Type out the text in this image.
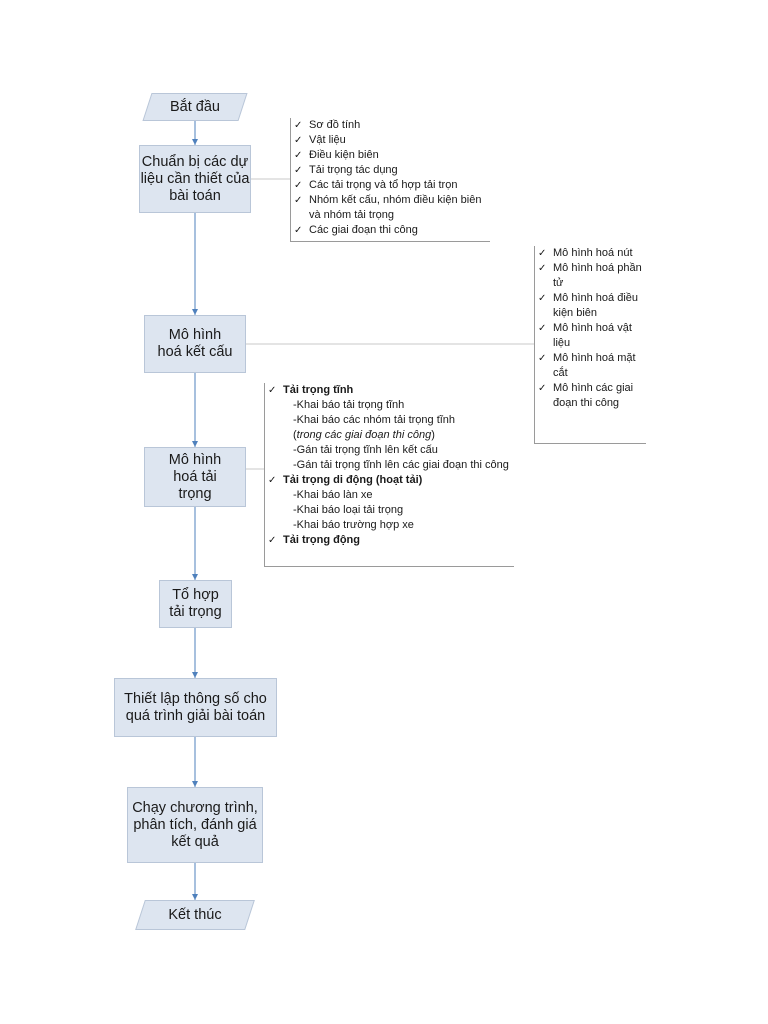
Bắt đầu
Chuẩn bị các dự liệu cần thiết của bài toán
Mô hình hoá kết cấu
Mô hình hoá tải trọng
Tổ hợp tải trọng
Thiết lập thông số cho quá trình giải bài toán
Chạy chương trình, phân tích, đánh giá kết quả
Kết thúc
✓ Sơ đồ tính
✓ Vật liệu
✓ Điều kiện biên
✓ Tải trọng tác dụng
✓ Các tải trọng và tổ hợp tải trọn
✓ Nhóm kết cấu, nhóm điều kiện biên và nhóm tải trọng
✓ Các giai đoạn thi công
✓ Mô hình hoá nút
✓ Mô hình hoá phần tử
✓ Mô hình hoá điều kiện biên
✓ Mô hình hoá vật liệu
✓ Mô hình hoá mặt cắt
✓ Mô hình các giai đoạn thi công
✓ Tải trọng tĩnh
-Khai báo tải trọng tĩnh
-Khai báo các nhóm tải trọng tĩnh
(trong các giai đoạn thi công)
-Gán tải trọng tĩnh lên kết cấu
-Gán tải trọng tĩnh lên các giai đoạn thi công
✓ Tải trọng di động (hoạt tải)
-Khai báo làn xe
-Khai báo loại tải trọng
-Khai báo trường hợp xe
✓ Tải trọng động
